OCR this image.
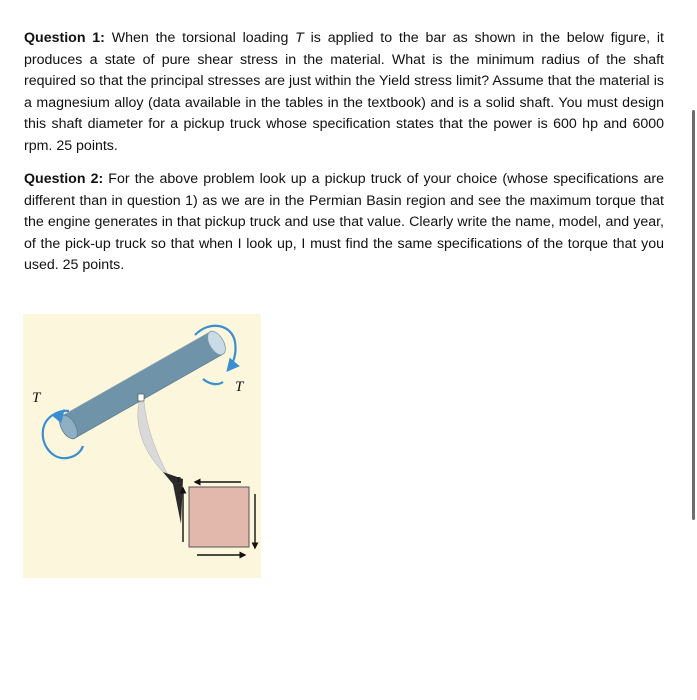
Question 1: When the torsional loading T is applied to the bar as shown in the below figure, it produces a state of pure shear stress in the material. What is the minimum radius of the shaft required so that the principal stresses are just within the Yield stress limit? Assume that the material is a magnesium alloy (data available in the tables in the textbook) and is a solid shaft. You must design this shaft diameter for a pickup truck whose specification states that the power is 600 hp and 6000 rpm. 25 points.
Question 2: For the above problem look up a pickup truck of your choice (whose specifications are different than in question 1) as we are in the Permian Basin region and see the maximum torque that the engine generates in that pickup truck and use that value. Clearly write the name, model, and year, of the pick-up truck so that when I look up, I must find the same specifications of the torque that you used. 25 points.
T
T
τ
